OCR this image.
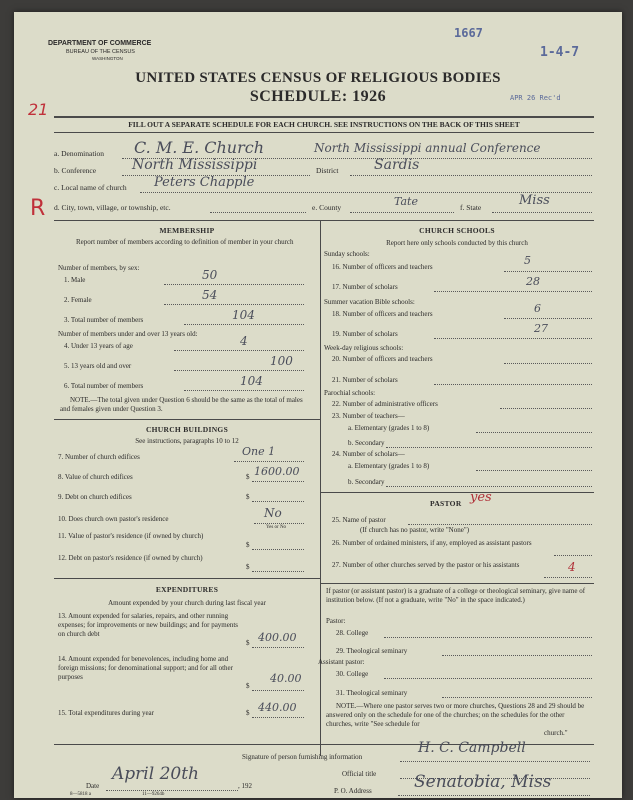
DEPARTMENT OF COMMERCE
BUREAU OF THE CENSUS
WASHINGTON
1667
1-4-7
APR 26 Rec'd
UNITED STATES CENSUS OF RELIGIOUS BODIES
SCHEDULE: 1926
21
FILL OUT A SEPARATE SCHEDULE FOR EACH CHURCH. SEE INSTRUCTIONS ON THE BACK OF THIS SHEET
a. Denomination C. M. E. Church	North Mississippi annual Conference
b. Conference	North Mississippi	District	Sardis
c. Local name of church Peters Chapple
R d. City, town, village, or township, etc.	e. County	Tate	f. State	Miss
MEMBERSHIP
Report number of members according to definition of member in your church
Number of members, by sex:
1. Male	50
2. Female	54
3. Total number of members	104
Number of members under and over 13 years old:
4. Under 13 years of age	4
5. 13 years old and over	100
6. Total number of members	104
NOTE.—The total given under Question 6 should be the same as the total of males and females given under Question 3.
CHURCH BUILDINGS
See instructions, paragraphs 10 to 12
7. Number of church edifices	One 1
8. Value of church edifices	$ 1600.00
9. Debt on church edifices	$
10. Does church own pastor's residence	No
Yes or No
11. Value of pastor's residence (if owned by church)
$
12. Debt on pastor's residence (if owned by church)
$
EXPENDITURES
Amount expended by your church during last fiscal year
13. Amount expended for salaries, repairs, and other running expenses; for improvements or new buildings; and for payments on church debt
$ 400.00
14. Amount expended for benevolences, including home and foreign missions; for denominational support; and for all other purposes
$
40.00
15. Total expenditures during year	$ 440.00
CHURCH SCHOOLS
Report here only schools conducted by this church
Sunday schools:
16. Number of officers and teachers	5
17. Number of scholars	28
Summer vacation Bible schools:
18. Number of officers and teachers	6
19. Number of scholars	27
Week-day religious schools:
20. Number of officers and teachers
21. Number of scholars
Parochial schools:
22. Number of administrative officers
23. Number of teachers—
a. Elementary (grades 1 to 8)
b. Secondary
24. Number of scholars—
a. Elementary (grades 1 to 8)
b. Secondary
PASTOR yes
25. Name of pastor
(If church has no pastor, write "None")
26. Number of ordained ministers, if any, employed as assistant pastors
27. Number of other churches served by the pastor or his assistants	4
If pastor (or assistant pastor) is a graduate of a college or theological seminary, give name of institution below. (If not a graduate, write "No" in the space indicated.)
Pastor:
28. College
29. Theological seminary
Assistant pastor:
30. College
31. Theological seminary
NOTE.—Where one pastor serves two or more churches, Questions 28 and 29 should be answered only on the schedule for one of the churches; on the schedules for the other churches, write "See schedule for
church."
Signature of person furnishing information
H. C. Campbell
Official title
Date
April 20th
, 192
P. O. Address Senatobia, Miss
8—5818 a	11—9264b
